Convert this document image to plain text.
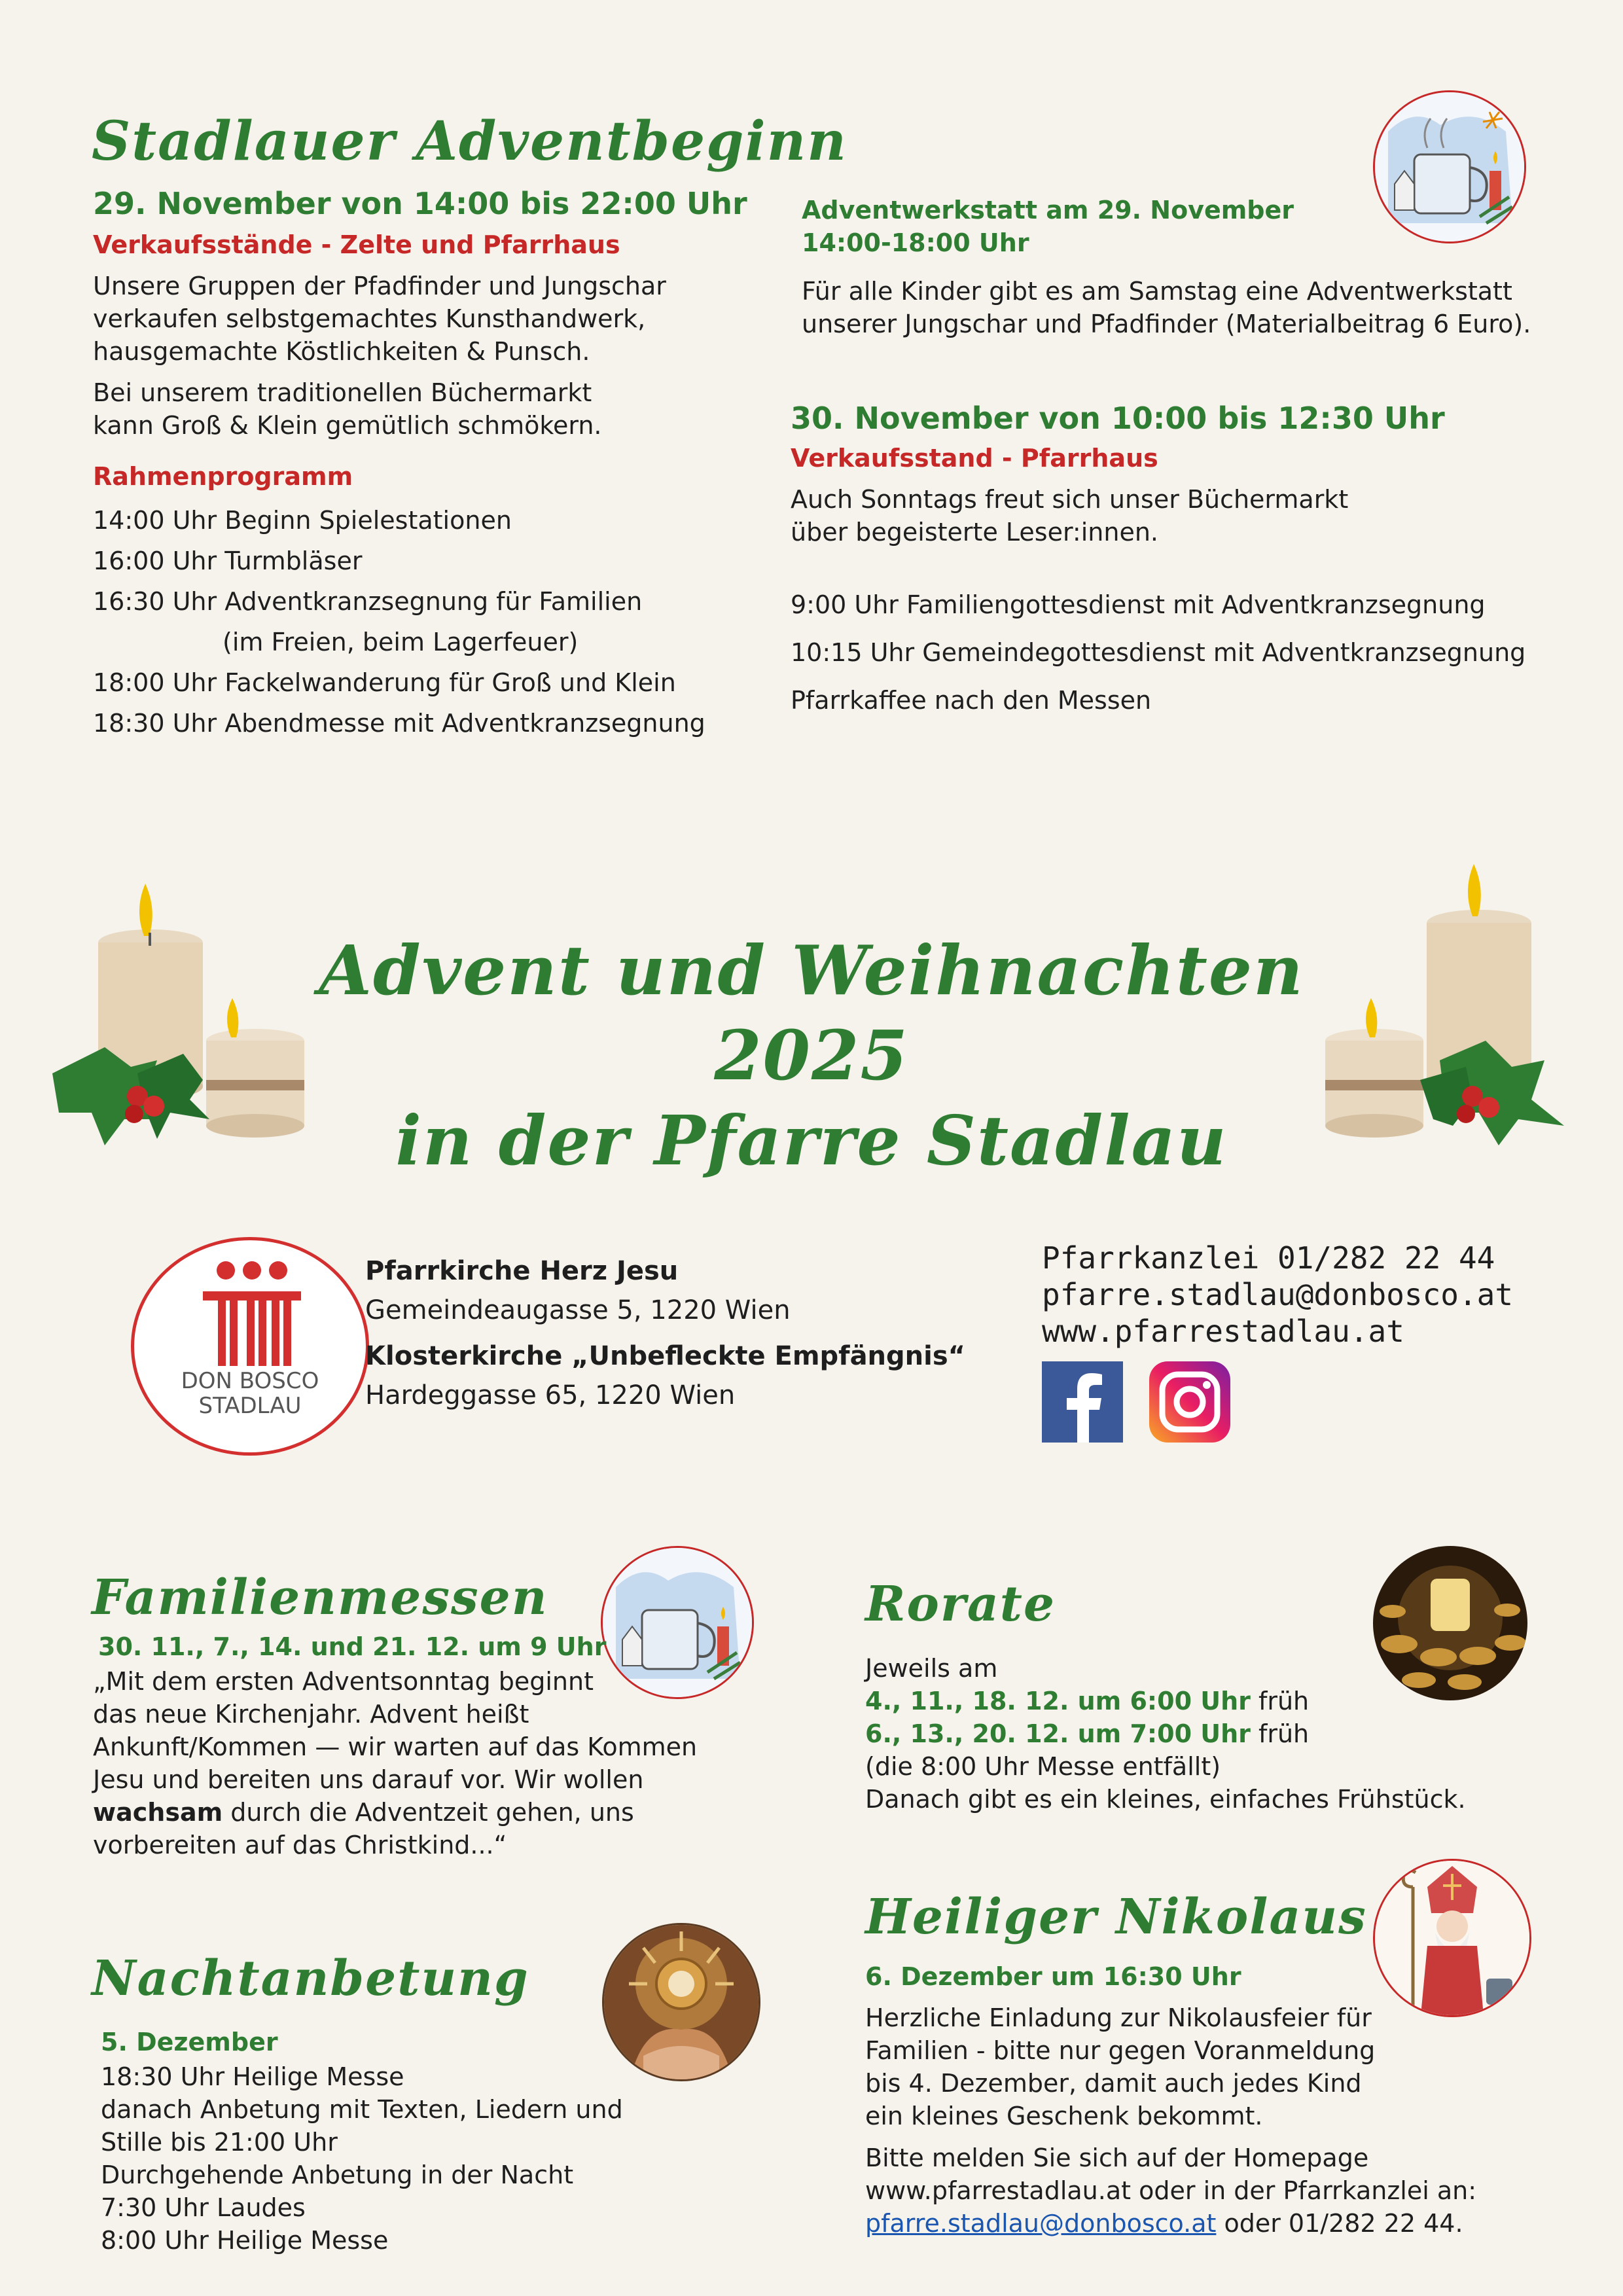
Stadlauer Adventbeginn
29. November von 14:00 bis 22:00 Uhr
Verkaufsstände - Zelte und Pfarrhaus
Unsere Gruppen der Pfadfinder und Jungschar
verkaufen selbstgemachtes Kunsthandwerk,
hausgemachte Köstlichkeiten & Punsch.
Bei unserem traditionellen Büchermarkt
kann Groß & Klein gemütlich schmökern.
Rahmenprogramm
14:00 Uhr Beginn Spielestationen
16:00 Uhr Turmbläser
16:30 Uhr Adventkranzsegnung für Familien
(im Freien, beim Lagerfeuer)
18:00 Uhr Fackelwanderung für Groß und Klein
18:30 Uhr Abendmesse mit Adventkranzsegnung
Adventwerkstatt am 29. November
14:00-18:00 Uhr
Für alle Kinder gibt es am Samstag eine Adventwerkstatt
unserer Jungschar und Pfadfinder (Materialbeitrag 6 Euro).
30. November von 10:00 bis 12:30 Uhr
Verkaufsstand - Pfarrhaus
Auch Sonntags freut sich unser Büchermarkt
über begeisterte Leser:innen.
9:00 Uhr Familiengottesdienst mit Adventkranzsegnung
10:15 Uhr Gemeindegottesdienst mit Adventkranzsegnung
Pfarrkaffee nach den Messen
Advent und Weihnachten 2025
in der Pfarre Stadlau
DON BOSCO
STADLAU
Pfarrkirche Herz Jesu
Gemeindeaugasse 5, 1220 Wien
Klosterkirche „Unbefleckte Empfängnis“
Hardeggasse 65, 1220 Wien
Pfarrkanzlei 01/282 22 44
pfarre.stadlau@donbosco.at
www.pfarrestadlau.at
Familienmessen
30. 11., 7., 14. und 21. 12. um 9 Uhr
„Mit dem ersten Adventsonntag beginnt
das neue Kirchenjahr. Advent heißt
Ankunft/Kommen — wir warten auf das Kommen
Jesu und bereiten uns darauf vor. Wir wollen
wachsam durch die Adventzeit gehen, uns
vorbereiten auf das Christkind...“
Nachtanbetung
5. Dezember
18:30 Uhr Heilige Messe
danach Anbetung mit Texten, Liedern und
Stille bis 21:00 Uhr
Durchgehende Anbetung in der Nacht
7:30 Uhr Laudes
8:00 Uhr Heilige Messe
Rorate
Jeweils am
4., 11., 18. 12. um 6:00 Uhr früh
6., 13., 20. 12. um 7:00 Uhr früh
(die 8:00 Uhr Messe entfällt)
Danach gibt es ein kleines, einfaches Frühstück.
Heiliger Nikolaus
6. Dezember um 16:30 Uhr
Herzliche Einladung zur Nikolausfeier für
Familien - bitte nur gegen Voranmeldung
bis 4. Dezember, damit auch jedes Kind
ein kleines Geschenk bekommt.
Bitte melden Sie sich auf der Homepage
www.pfarrestadlau.at oder in der Pfarrkanzlei an:
pfarre.stadlau@donbosco.at oder 01/282 22 44.
